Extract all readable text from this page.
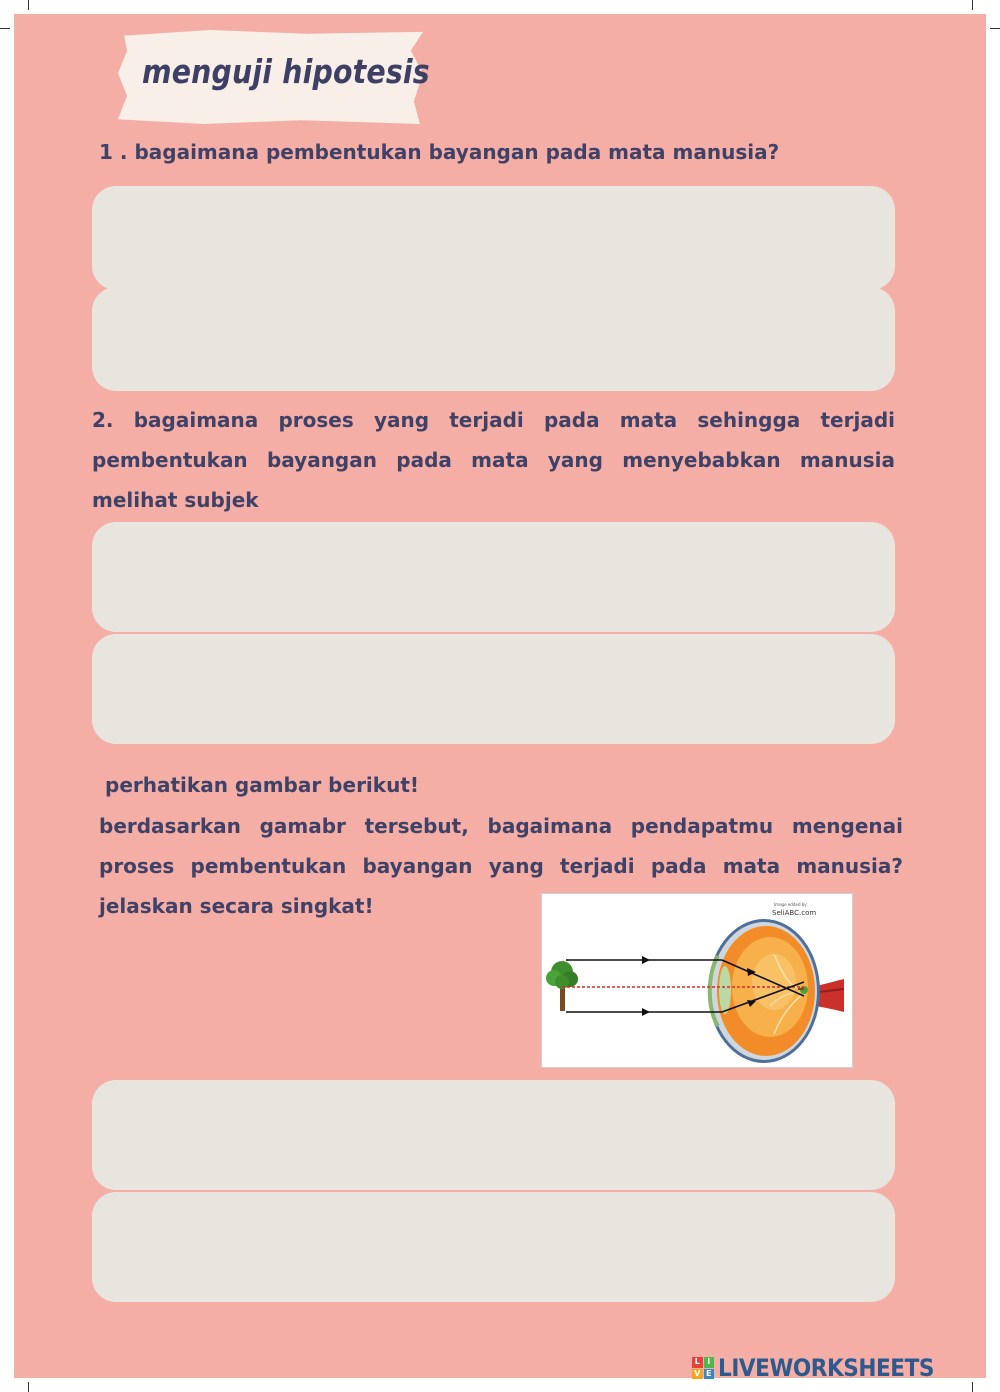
menguji hipotesis
1 . bagaimana pembentukan bayangan pada mata manusia?
2. bagaimana proses yang terjadi pada mata sehingga terjadi pembentukan bayangan pada mata yang menyebabkan manusia melihat subjek
perhatikan gambar berikut!
berdasarkan gamabr tersebut, bagaimana pendapatmu mengenai proses pembentukan bayangan yang terjadi pada mata manusia? jelaskan secara singkat!	Image edited by:
SeliABC.com
L I
V E LIVEWORKSHEETS
